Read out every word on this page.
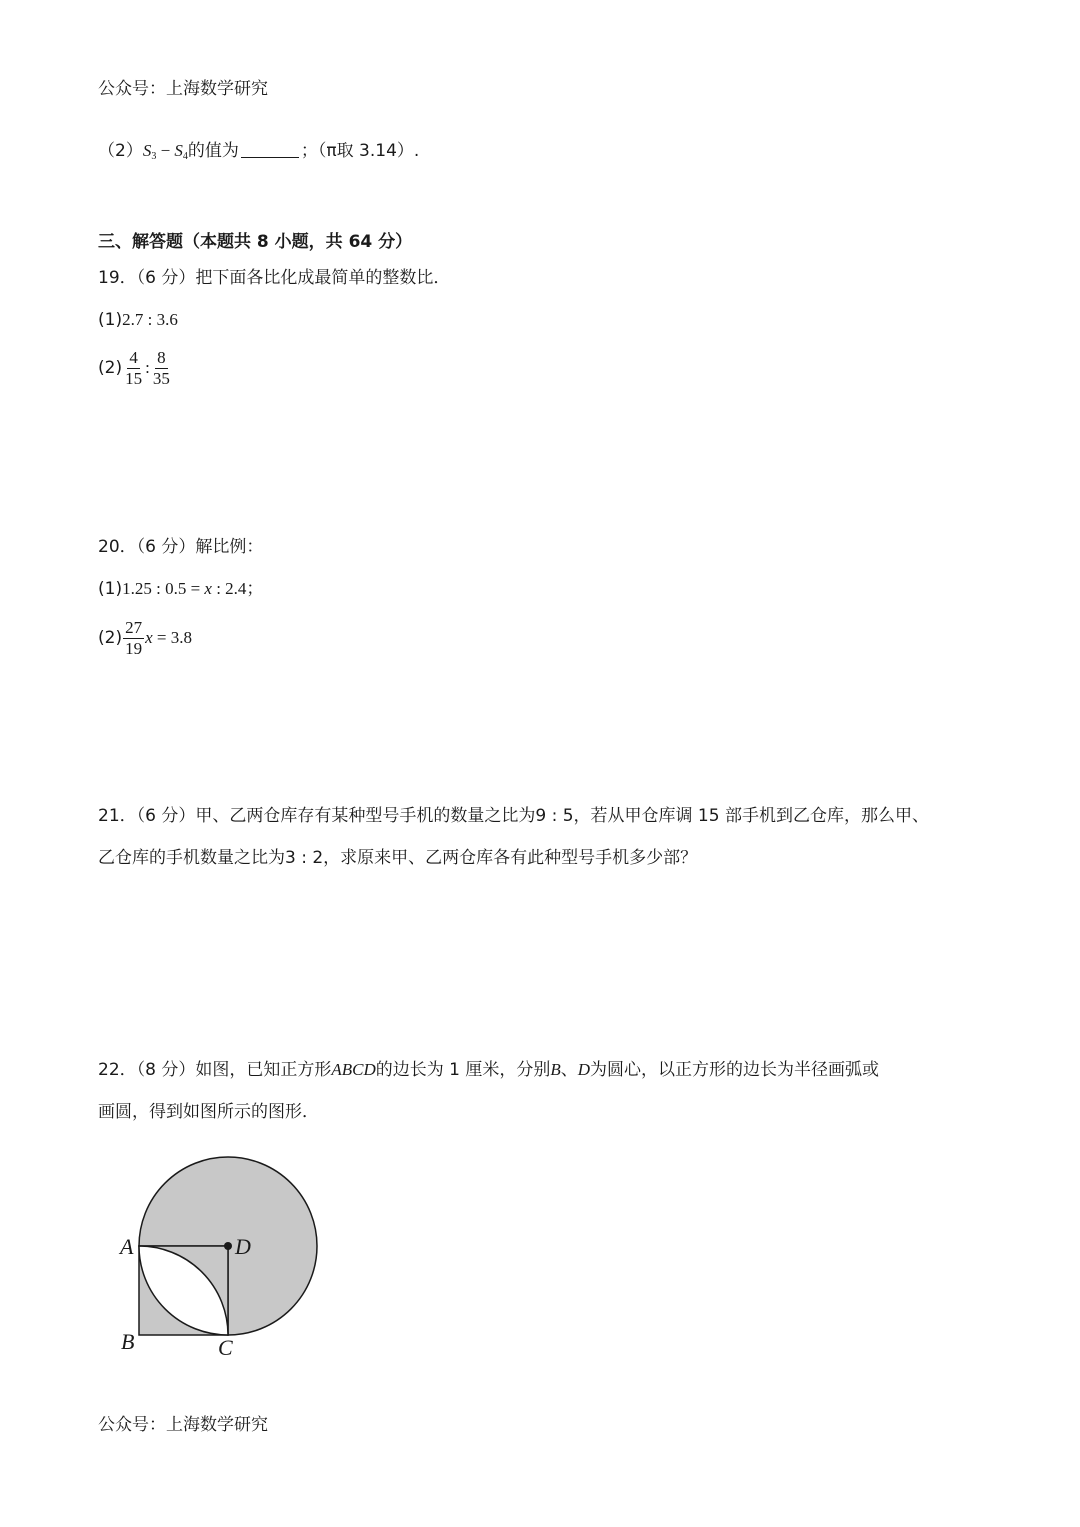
公众号：上海数学研究
$(2)S_3 - S_4$的值为	；（π取 3.14）.
三、解答题（本题共 8 小题，共 64 分）
19．（6 分）把下面各比化成最简单的整数比．
(1)2.7 : 3.6
$(2) \frac{4}{15}$ : $\frac{8}{35}$
20．（6 分）解比例：
(1)1.25 : 0.5 = x : 2.4；
$(2) \frac{27}{19}$ x = 3.8
21．（6 分）甲、乙两仓库存有某种型号手机的数量之比为9 : 5，若从甲仓库调 15 部手机到乙仓库，那么甲、
乙仓库的手机数量之比为3 : 2，求原来甲、乙两仓库各有此种型号手机多少部？
22．（8 分）如图，已知正方形ABCD的边长为 1 厘米，分别B、D为圆心，以正方形的边长为半径画弧或
画圆，得到如图所示的图形．
A	D
B	C
公众号：上海数学研究
